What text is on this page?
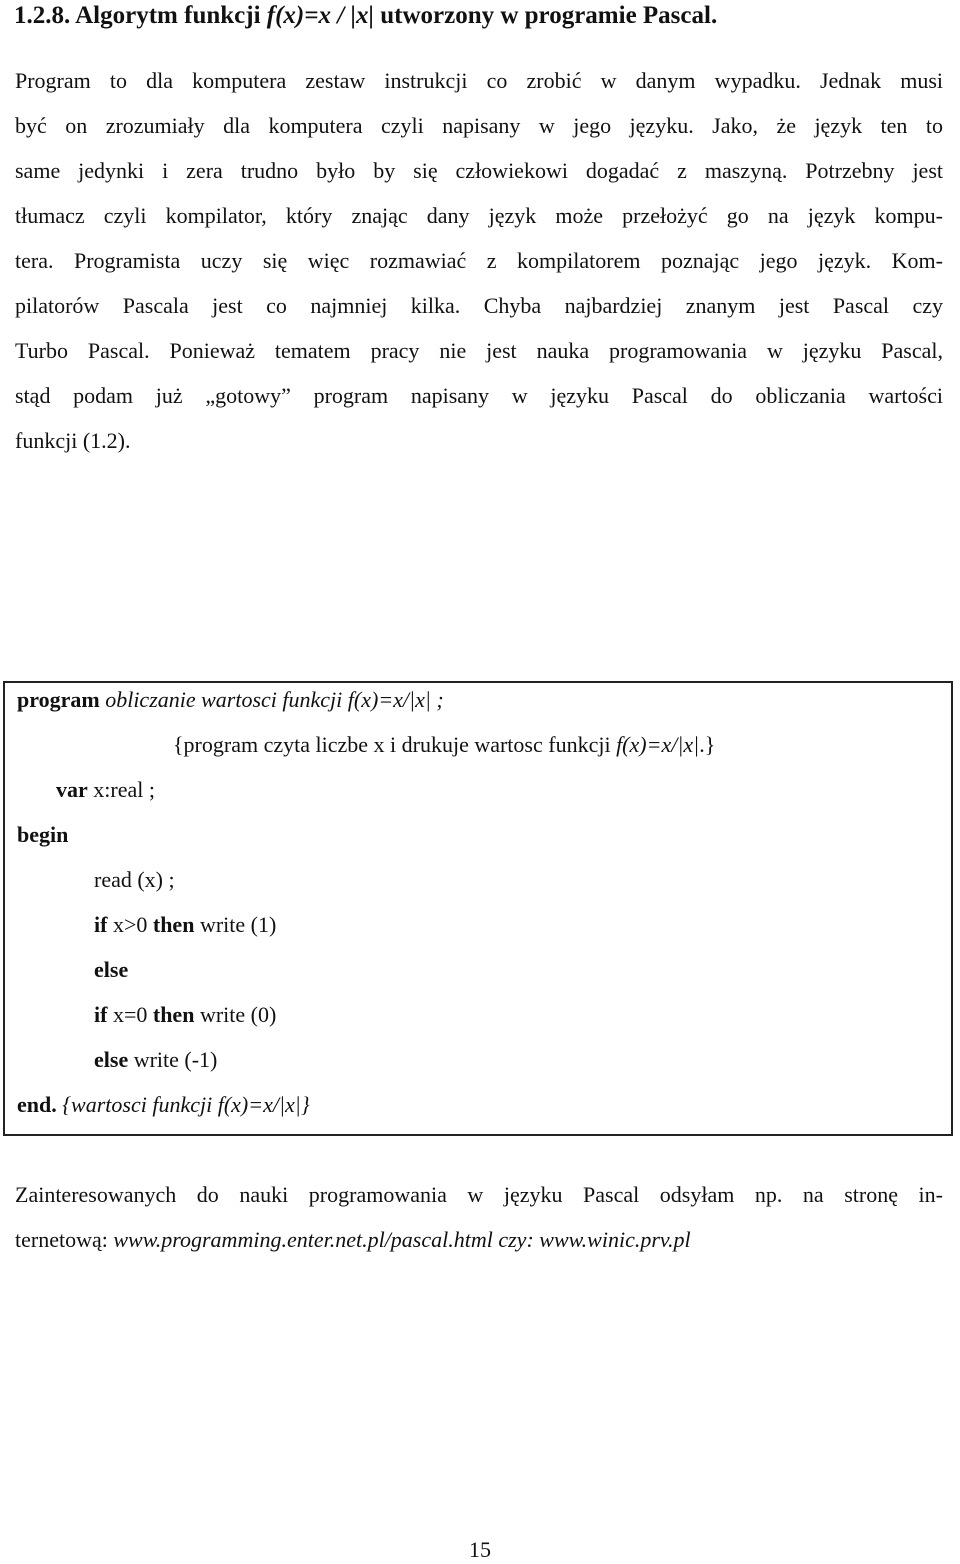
1.2.8. Algorytm funkcji f(x)=x / |x| utworzony w programie Pascal.
Program to dla komputera zestaw instrukcji co zrobić w danym wypadku. Jednak musi
być on zrozumiały dla komputera czyli napisany w jego języku. Jako, że język ten to
same jedynki i zera trudno było by się człowiekowi dogadać z maszyną. Potrzebny jest
tłumacz czyli kompilator, który znając dany język może przełożyć go na język kompu-
tera. Programista uczy się więc rozmawiać z kompilatorem poznając jego język. Kom-
pilatorów Pascala jest co najmniej kilka. Chyba najbardziej znanym jest Pascal czy
Turbo Pascal. Ponieważ tematem pracy nie jest nauka programowania w języku Pascal,
stąd podam już „gotowy” program napisany w języku Pascal do obliczania wartości
funkcji (1.2).
program obliczanie wartosci funkcji f(x)=x/|x| ;
{program czyta liczbe x i drukuje wartosc funkcji f(x)=x/|x|.}
var x:real ;
begin
read (x) ;
if x>0 then write (1)
else
if x=0 then write (0)
else write (-1)
end. {wartosci funkcji f(x)=x/|x|}
Zainteresowanych do nauki programowania w języku Pascal odsyłam np. na stronę in-
ternetową: www.programming.enter.net.pl/pascal.html czy: www.winic.prv.pl
15
